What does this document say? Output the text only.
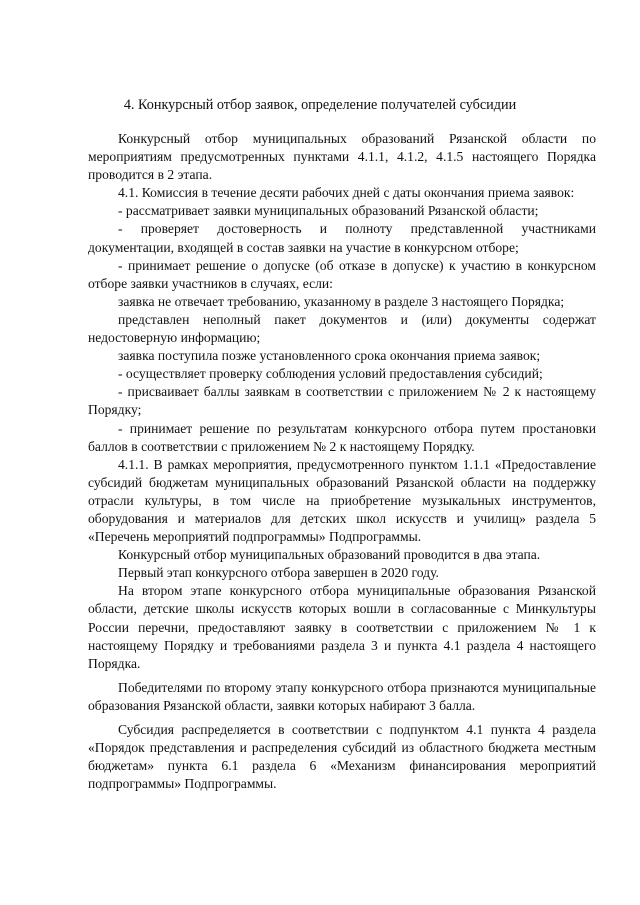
4. Конкурсный отбор заявок, определение получателей субсидии

Конкурсный отбор муниципальных образований Рязанской области по мероприятиям предусмотренных пунктами 4.1.1, 4.1.2, 4.1.5 настоящего Порядка проводится в 2 этапа.

4.1. Комиссия в течение десяти рабочих дней с даты окончания приема заявок:

- рассматривает заявки муниципальных образований Рязанской области;

- проверяет достоверность и полноту представленной участниками документации, входящей в состав заявки на участие в конкурсном отборе;

- принимает решение о допуске (об отказе в допуске) к участию в конкурсном отборе заявки участников в случаях, если:

заявка не отвечает требованию, указанному в разделе 3 настоящего Порядка;

представлен неполный пакет документов и (или) документы содержат недостоверную информацию;

заявка поступила позже установленного срока окончания приема заявок;

- осуществляет проверку соблюдения условий предоставления субсидий;

- присваивает баллы заявкам в соответствии с приложением № 2 к настоящему Порядку;

- принимает решение по результатам конкурсного отбора путем простановки баллов в соответствии с приложением № 2 к настоящему Порядку.

4.1.1. В рамках мероприятия, предусмотренного пунктом 1.1.1 «Предоставление субсидий бюджетам муниципальных образований Рязанской области на поддержку отрасли культуры, в том числе на приобретение музыкальных инструментов, оборудования и материалов для детских школ искусств и училищ» раздела 5 «Перечень мероприятий подпрограммы» Подпрограммы.

Конкурсный отбор муниципальных образований проводится в два этапа.

Первый этап конкурсного отбора завершен в 2020 году.

На втором этапе конкурсного отбора муниципальные образования Рязанской области, детские школы искусств которых вошли в согласованные с Минкультуры России перечни, предоставляют заявку в соответствии с приложением № 1 к настоящему Порядку и требованиями раздела 3 и пункта 4.1 раздела 4 настоящего Порядка.

Победителями по второму этапу конкурсного отбора признаются муниципальные образования Рязанской области, заявки которых набирают 3 балла.

Субсидия распределяется в соответствии с подпунктом 4.1 пункта 4 раздела «Порядок представления и распределения субсидий из областного бюджета местным бюджетам» пункта 6.1 раздела 6 «Механизм финансирования мероприятий подпрограммы» Подпрограммы.
